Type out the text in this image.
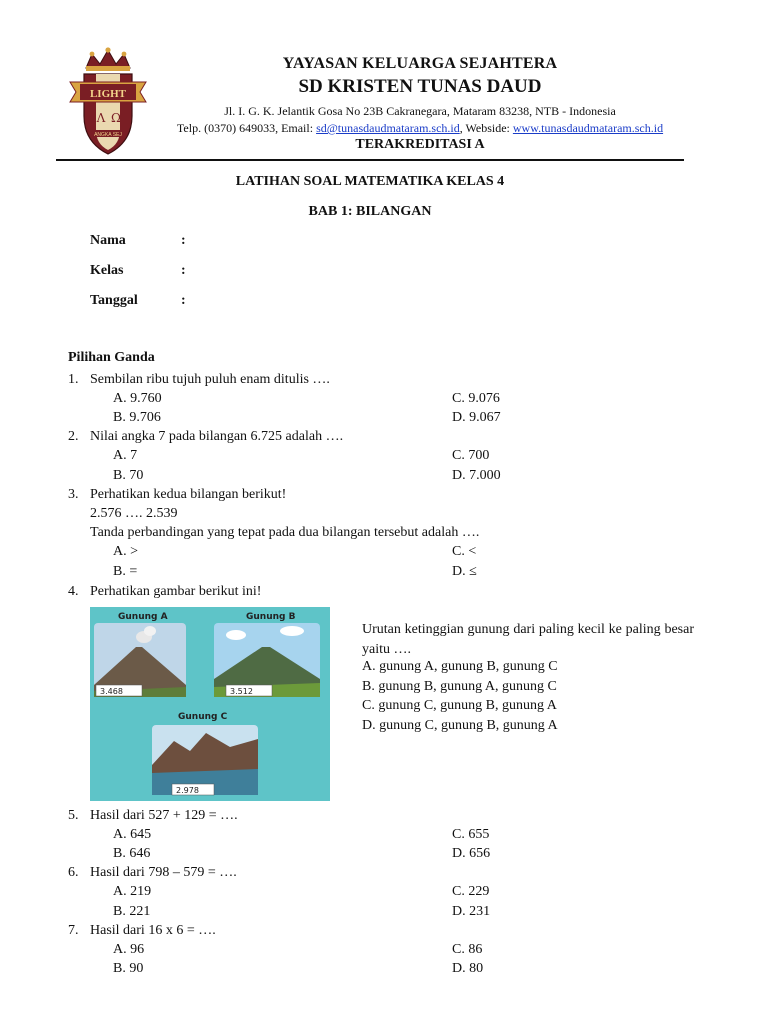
LIGHT
Λ Ω
ANGKA SEJ
YAYASAN KELUARGA SEJAHTERA
SD KRISTEN TUNAS DAUD
Jl. I. G. K. Jelantik Gosa No 23B Cakranegara, Mataram 83238, NTB - Indonesia
Telp. (0370) 649033, Email: sd@tunasdaudmataram.sch.id, Webside: www.tunasdaudmataram.sch.id
TERAKREDITASI A
LATIHAN SOAL MATEMATIKA KELAS 4
BAB 1: BILANGAN
Nama	:
Kelas	:
Tanggal	:
Pilihan Ganda
1. Sembilan ribu tujuh puluh enam ditulis ….
A. 9.760	C. 9.076
B. 9.706	D. 9.067
2. Nilai angka 7 pada bilangan 6.725 adalah ….
A. 7	C. 700
B. 70	D. 7.000
3. Perhatikan kedua bilangan berikut!
2.576 …. 2.539
Tanda perbandingan yang tepat pada dua bilangan tersebut adalah ….
A. >	C. <
B. =	D. ≤
4. Perhatikan gambar berikut ini!
Gunung A
3.468
Gunung B
3.512
Gunung C
2.978
Urutan ketinggian gunung dari paling kecil ke paling besar yaitu ….
A. gunung A, gunung B, gunung C
B. gunung B, gunung A, gunung C
C. gunung C, gunung B, gunung A
D. gunung C, gunung B, gunung A
5. Hasil dari 527 + 129 = ….
A. 645	C. 655
B. 646	D. 656
6. Hasil dari 798 – 579 = ….
A. 219	C. 229
B. 221	D. 231
7. Hasil dari 16 x 6 = ….
A. 96	C. 86
B. 90	D. 80
